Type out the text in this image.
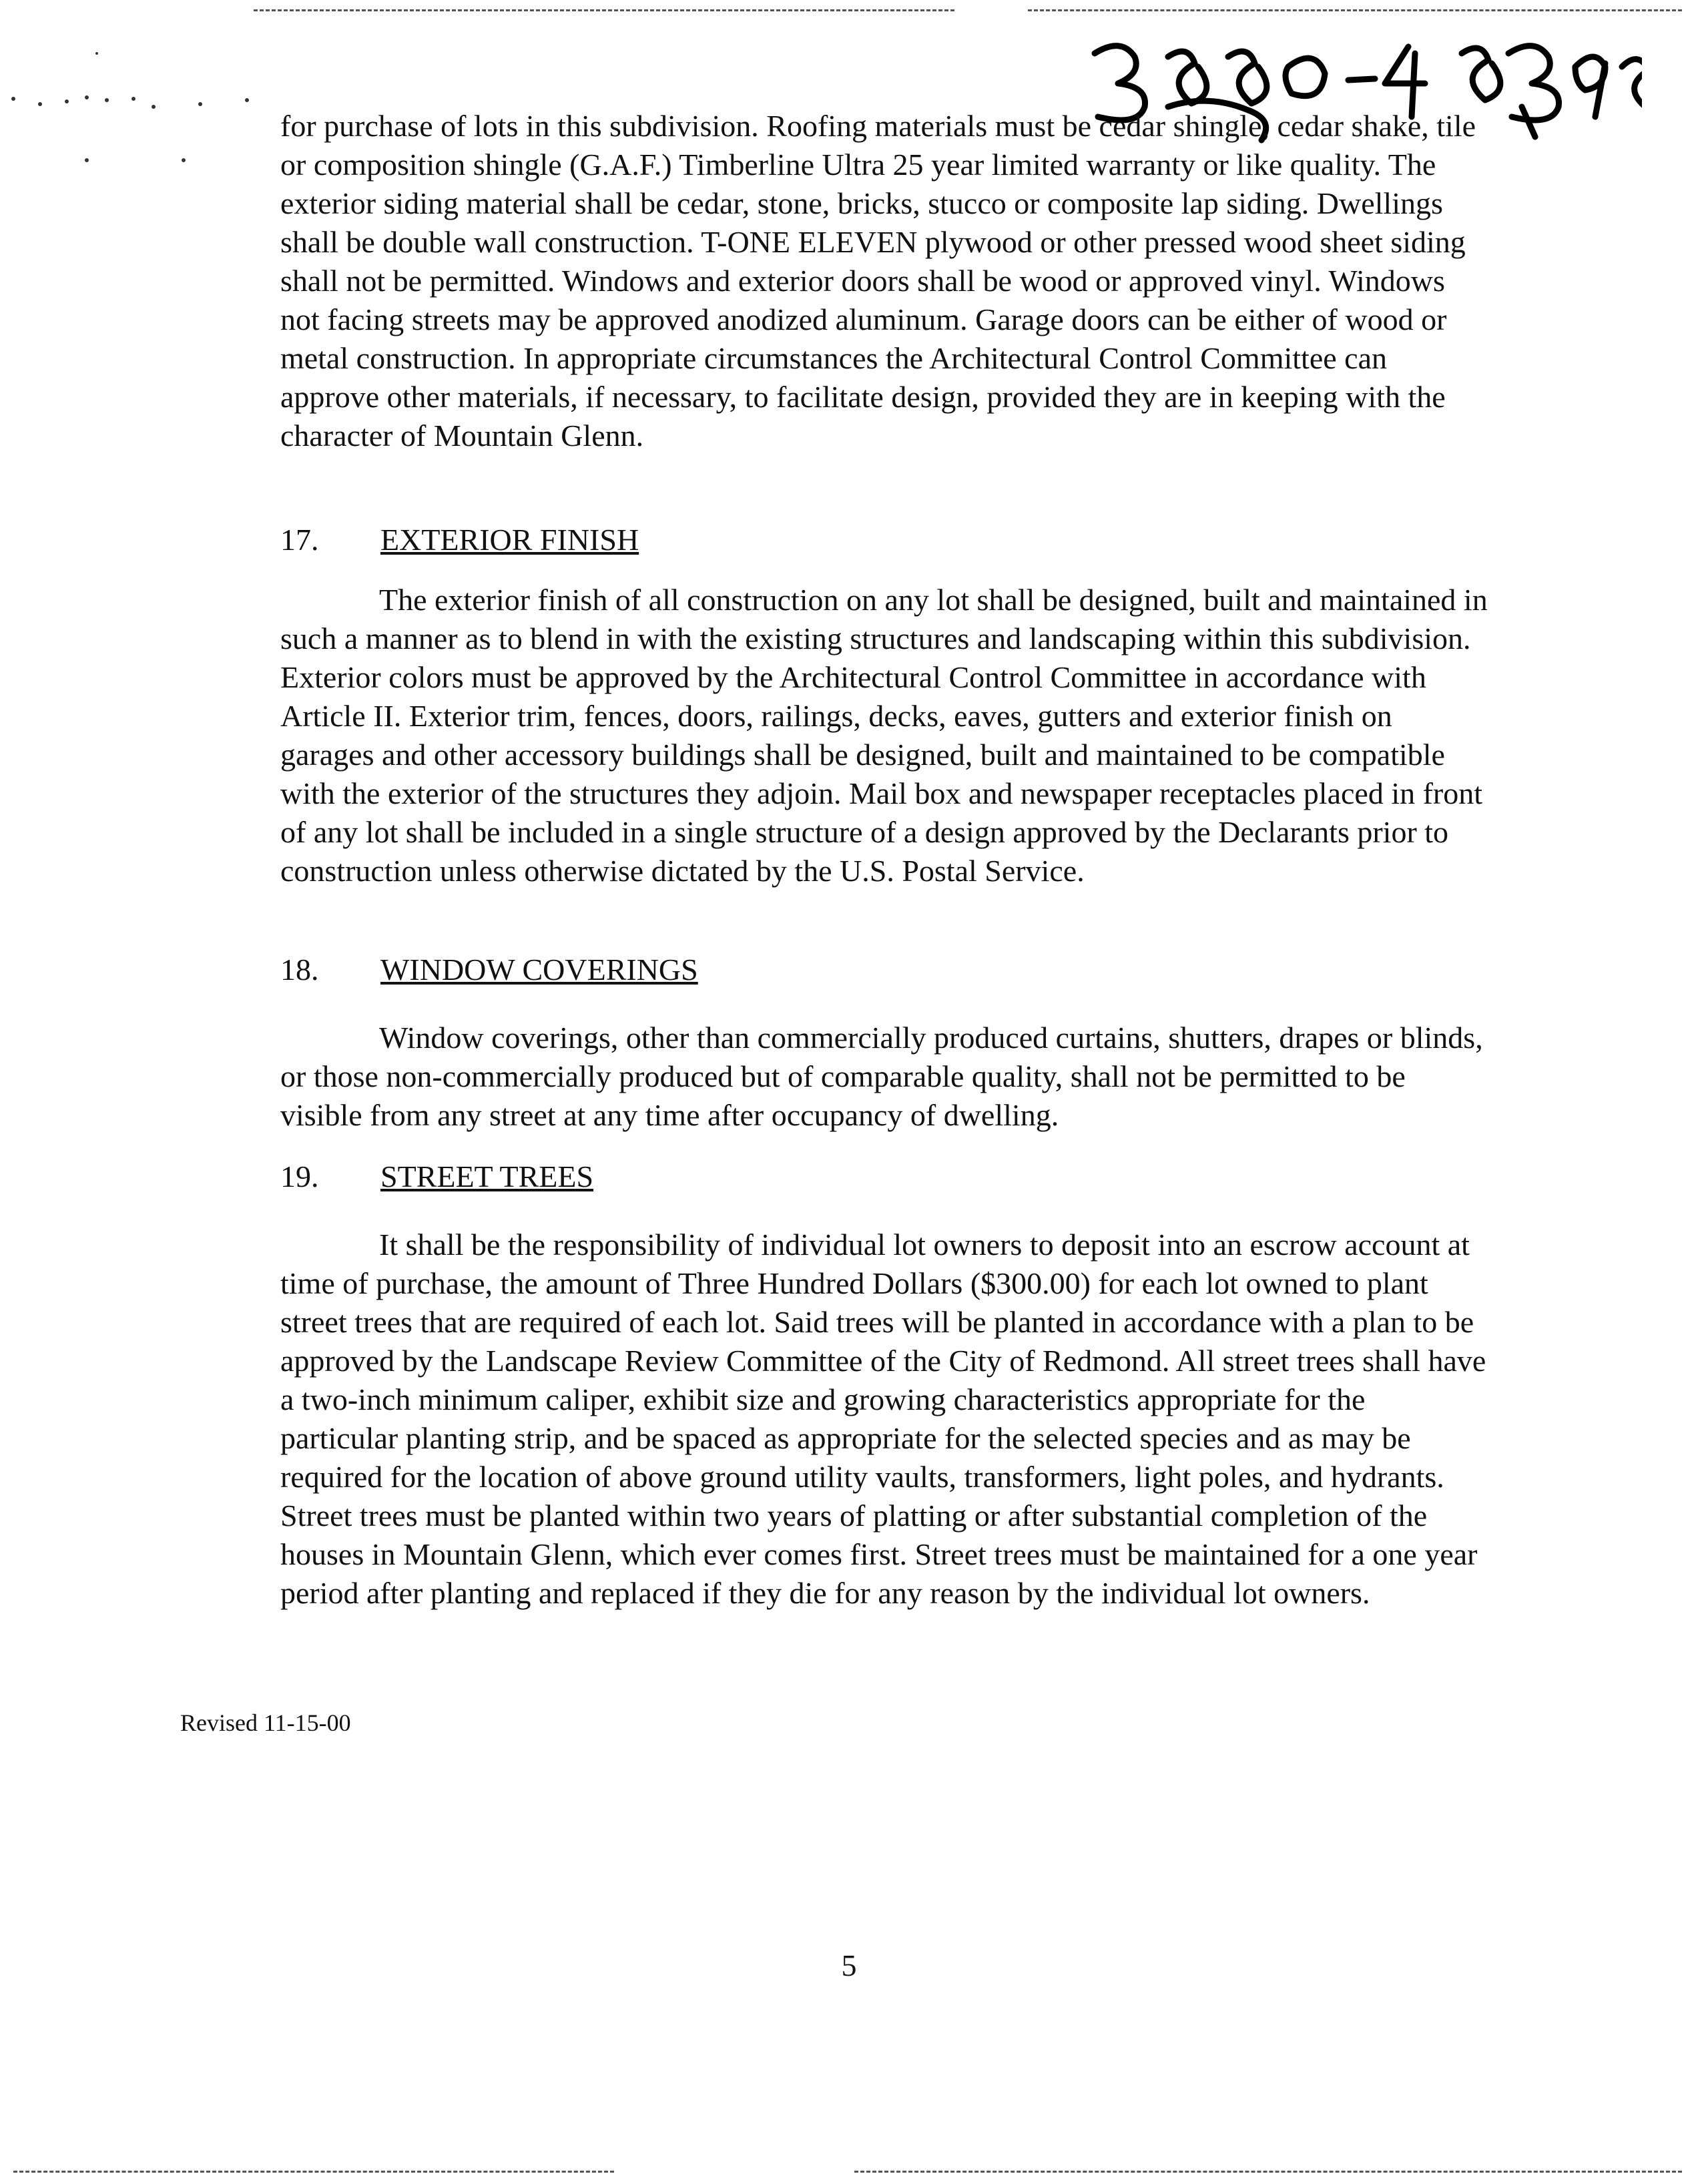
for purchase of lots in this subdivision. Roofing materials must be cedar shingle, cedar shake, tile or composition shingle (G.A.F.) Timberline Ultra 25 year limited warranty or like quality. The exterior siding material shall be cedar, stone, bricks, stucco or composite lap siding. Dwellings shall be double wall construction. T-ONE ELEVEN plywood or other pressed wood sheet siding shall not be permitted. Windows and exterior doors shall be wood or approved vinyl. Windows not facing streets may be approved anodized aluminum. Garage doors can be either of wood or metal construction. In appropriate circumstances the Architectural Control Committee can approve other materials, if necessary, to facilitate design, provided they are in keeping with the character of Mountain Glenn.

17.	EXTERIOR FINISH

The exterior finish of all construction on any lot shall be designed, built and maintained in such a manner as to blend in with the existing structures and landscaping within this subdivision. Exterior colors must be approved by the Architectural Control Committee in accordance with Article II. Exterior trim, fences, doors, railings, decks, eaves, gutters and exterior finish on garages and other accessory buildings shall be designed, built and maintained to be compatible with the exterior of the structures they adjoin. Mail box and newspaper receptacles placed in front of any lot shall be included in a single structure of a design approved by the Declarants prior to construction unless otherwise dictated by the U.S. Postal Service.

18.	WINDOW COVERINGS

Window coverings, other than commercially produced curtains, shutters, drapes or blinds, or those non-commercially produced but of comparable quality, shall not be permitted to be visible from any street at any time after occupancy of dwelling.

19.	STREET TREES

It shall be the responsibility of individual lot owners to deposit into an escrow account at time of purchase, the amount of Three Hundred Dollars ($300.00) for each lot owned to plant street trees that are required of each lot. Said trees will be planted in accordance with a plan to be approved by the Landscape Review Committee of the City of Redmond. All street trees shall have a two-inch minimum caliper, exhibit size and growing characteristics appropriate for the particular planting strip, and be spaced as appropriate for the selected species and as may be required for the location of above ground utility vaults, transformers, light poles, and hydrants. Street trees must be planted within two years of platting or after substantial completion of the houses in Mountain Glenn, which ever comes first. Street trees must be maintained for a one year period after planting and replaced if they die for any reason by the individual lot owners.

Revised 11-15-00
5
